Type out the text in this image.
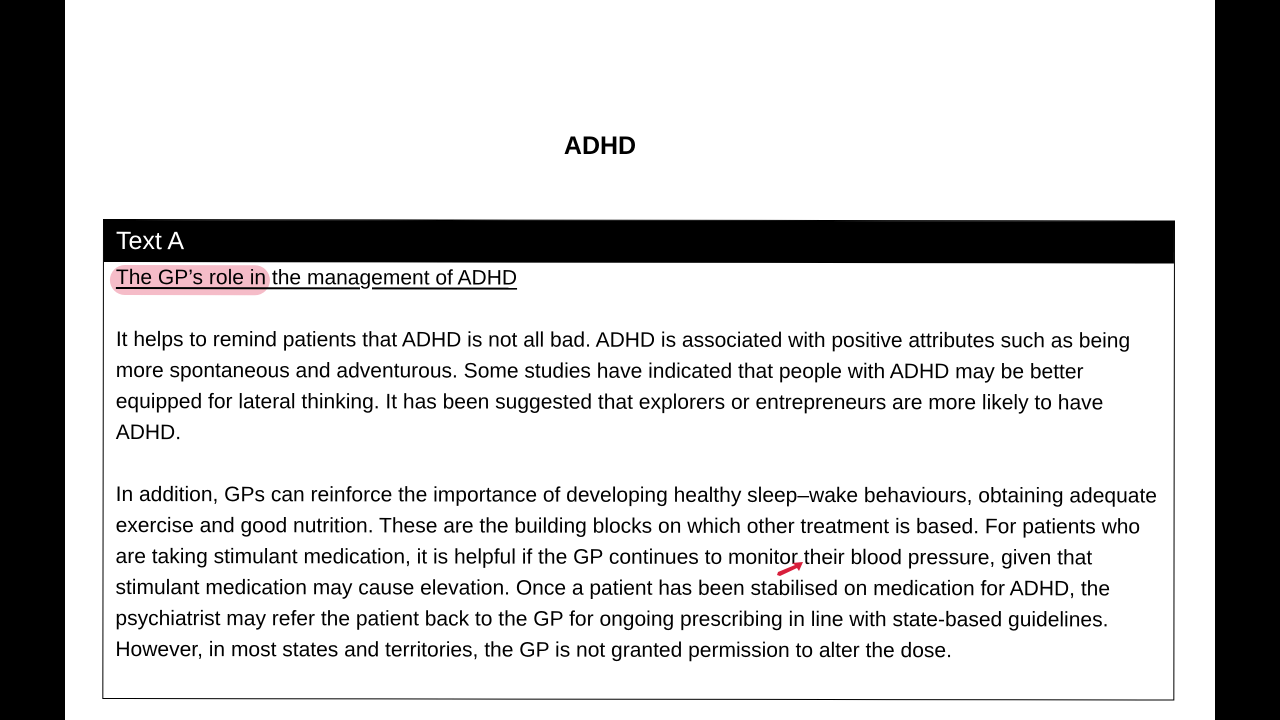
ADHD
Text A
The GP’s role in the management of ADHD

It helps to remind patients that ADHD is not all bad. ADHD is associated with positive attributes such as being more spontaneous and adventurous. Some studies have indicated that people with ADHD may be better equipped for lateral thinking. It has been suggested that explorers or entrepreneurs are more likely to have ADHD.

In addition, GPs can reinforce the importance of developing healthy sleep–wake behaviours, obtaining adequate exercise and good nutrition. These are the building blocks on which other treatment is based. For patients who are taking stimulant medication, it is helpful if the GP continues to monitor their blood pressure, given that stimulant medication may cause elevation. Once a patient has been stabilised on medication for ADHD, the psychiatrist may refer the patient back to the GP for ongoing prescribing in line with state-based guidelines. However, in most states and territories, the GP is not granted permission to alter the dose.
